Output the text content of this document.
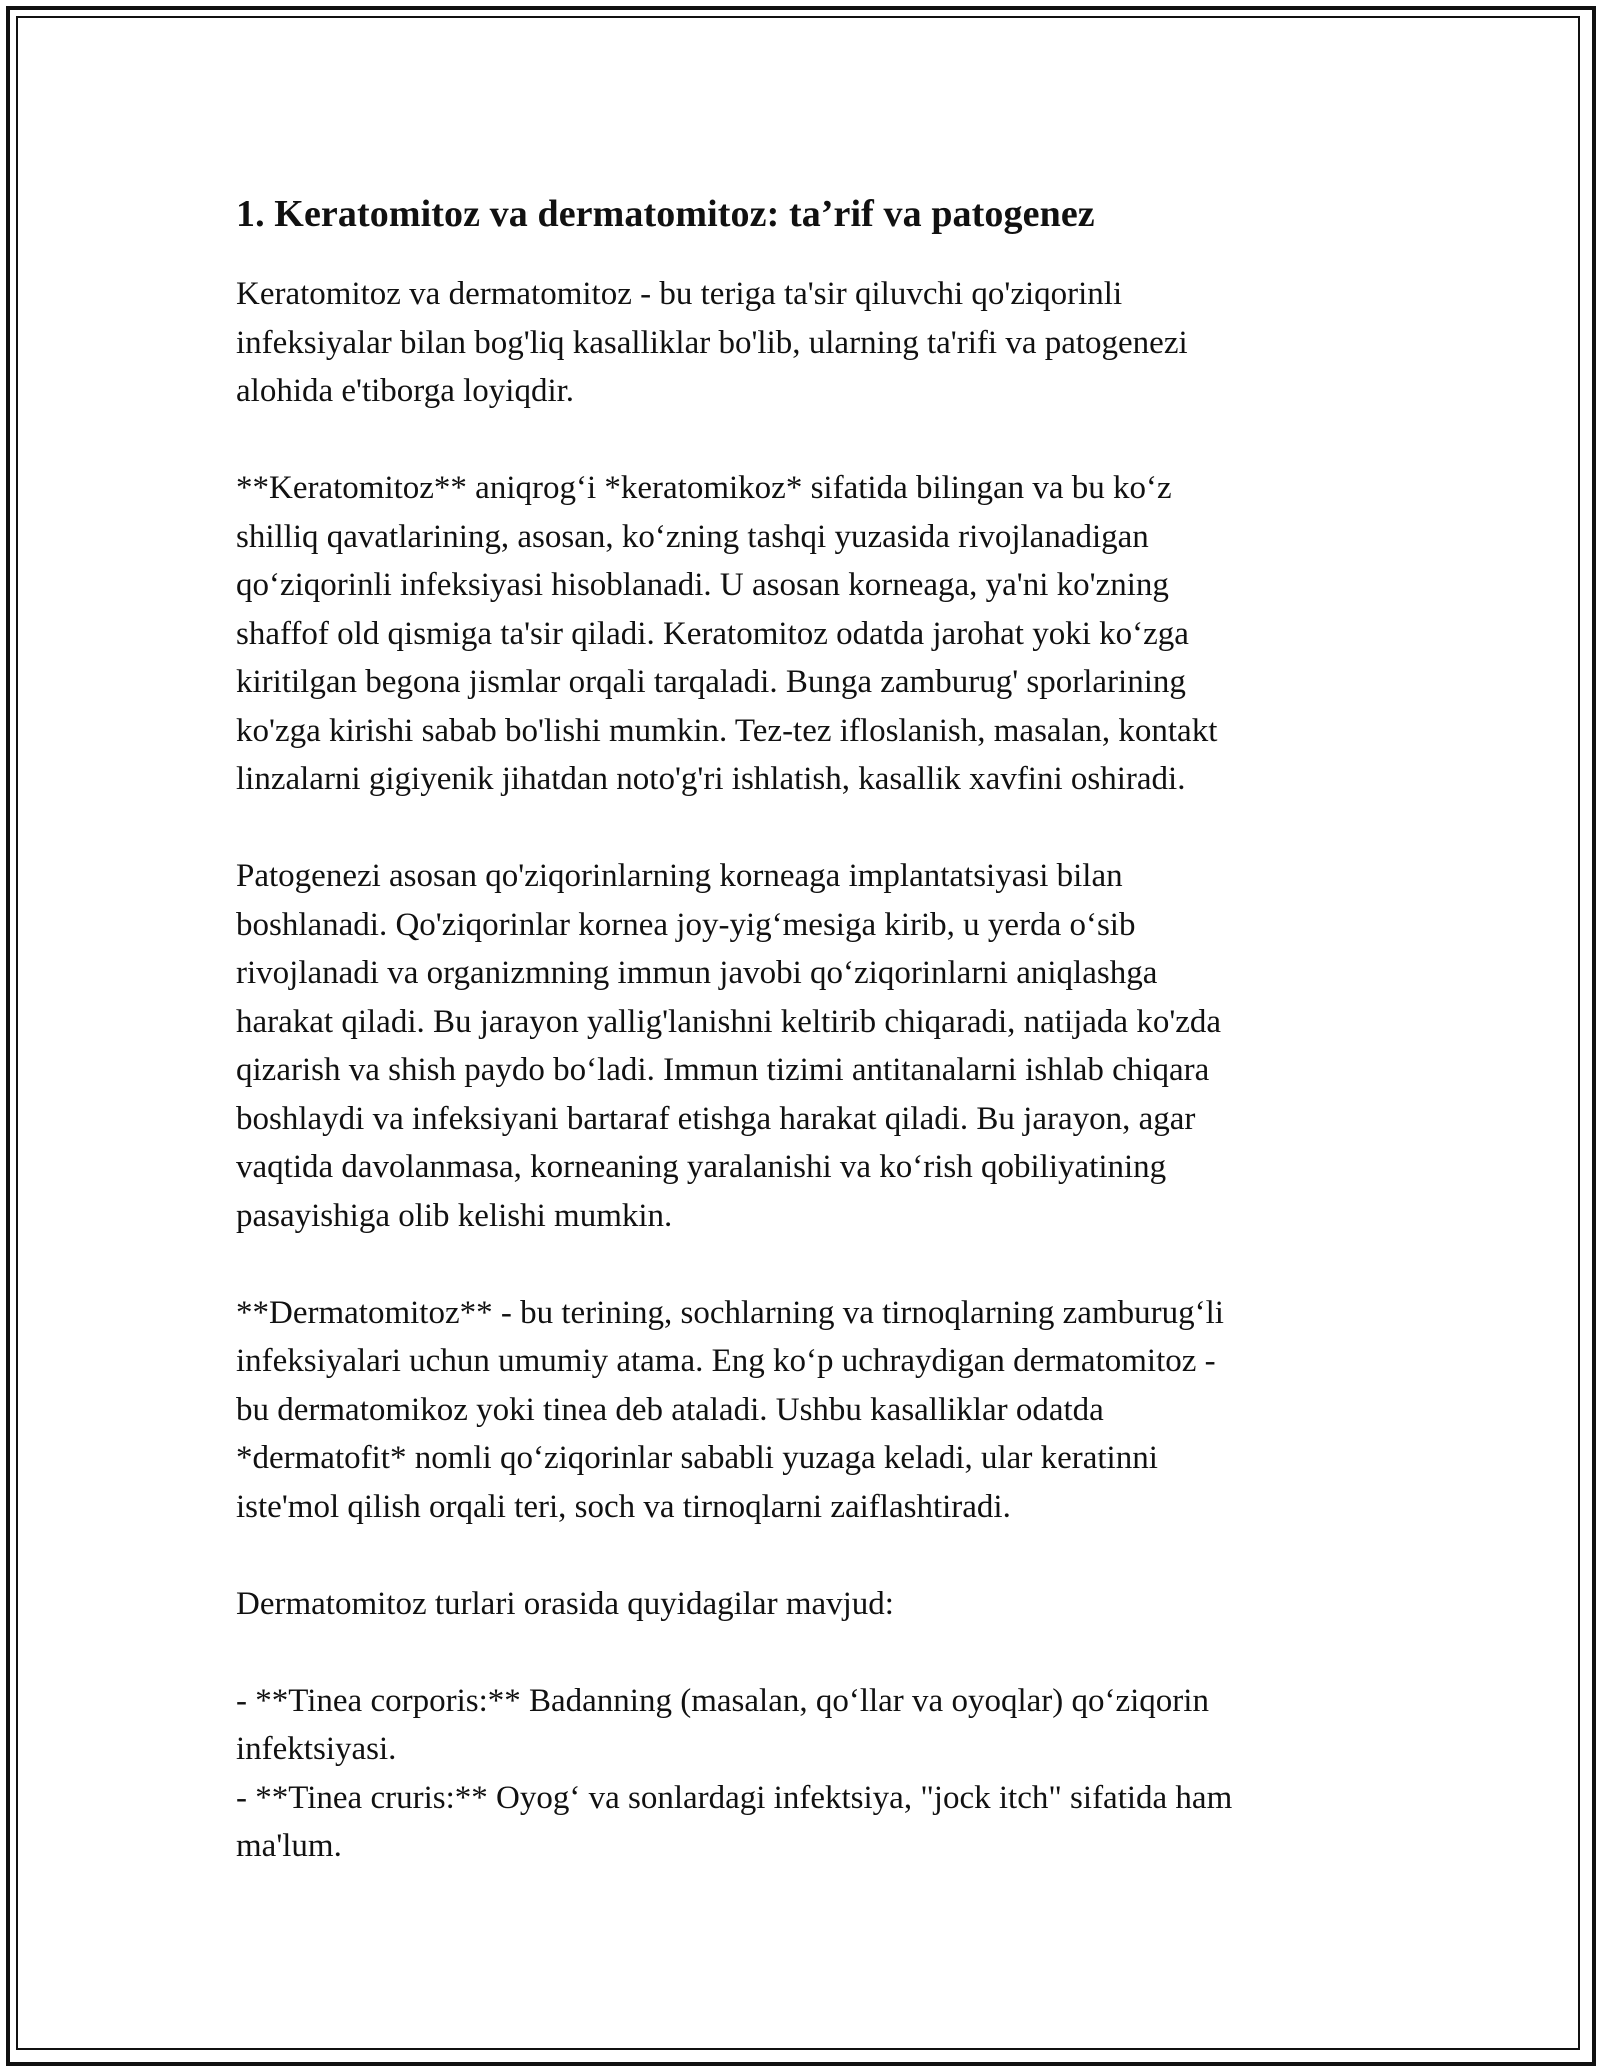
1. Keratomitoz va dermatomitoz: ta’rif va patogenez

Keratomitoz va dermatomitoz - bu teriga ta'sir qiluvchi qo'ziqorinli
infeksiyalar bilan bog'liq kasalliklar bo'lib, ularning ta'rifi va patogenezi
alohida e'tiborga loyiqdir.

**Keratomitoz** aniqrog‘i *keratomikoz* sifatida bilingan va bu ko‘z
shilliq qavatlarining, asosan, ko‘zning tashqi yuzasida rivojlanadigan
qo‘ziqorinli infeksiyasi hisoblanadi. U asosan korneaga, ya'ni ko'zning
shaffof old qismiga ta'sir qiladi. Keratomitoz odatda jarohat yoki ko‘zga
kiritilgan begona jismlar orqali tarqaladi. Bunga zamburug' sporlarining
ko'zga kirishi sabab bo'lishi mumkin. Tez-tez ifloslanish, masalan, kontakt
linzalarni gigiyenik jihatdan noto'g'ri ishlatish, kasallik xavfini oshiradi.

Patogenezi asosan qo'ziqorinlarning korneaga implantatsiyasi bilan
boshlanadi. Qo'ziqorinlar kornea joy-yig‘mesiga kirib, u yerda o‘sib
rivojlanadi va organizmning immun javobi qo‘ziqorinlarni aniqlashga
harakat qiladi. Bu jarayon yallig'lanishni keltirib chiqaradi, natijada ko'zda
qizarish va shish paydo bo‘ladi. Immun tizimi antitanalarni ishlab chiqara
boshlaydi va infeksiyani bartaraf etishga harakat qiladi. Bu jarayon, agar
vaqtida davolanmasa, korneaning yaralanishi va ko‘rish qobiliyatining
pasayishiga olib kelishi mumkin.

**Dermatomitoz** - bu terining, sochlarning va tirnoqlarning zamburug‘li
infeksiyalari uchun umumiy atama. Eng ko‘p uchraydigan dermatomitoz -
bu dermatomikoz yoki tinea deb ataladi. Ushbu kasalliklar odatda
*dermatofit* nomli qo‘ziqorinlar sababli yuzaga keladi, ular keratinni
iste'mol qilish orqali teri, soch va tirnoqlarni zaiflashtiradi.

Dermatomitoz turlari orasida quyidagilar mavjud:

- **Tinea corporis:** Badanning (masalan, qo‘llar va oyoqlar) qo‘ziqorin
infektsiyasi.
- **Tinea cruris:** Oyog‘ va sonlardagi infektsiya, "jock itch" sifatida ham
ma'lum.
